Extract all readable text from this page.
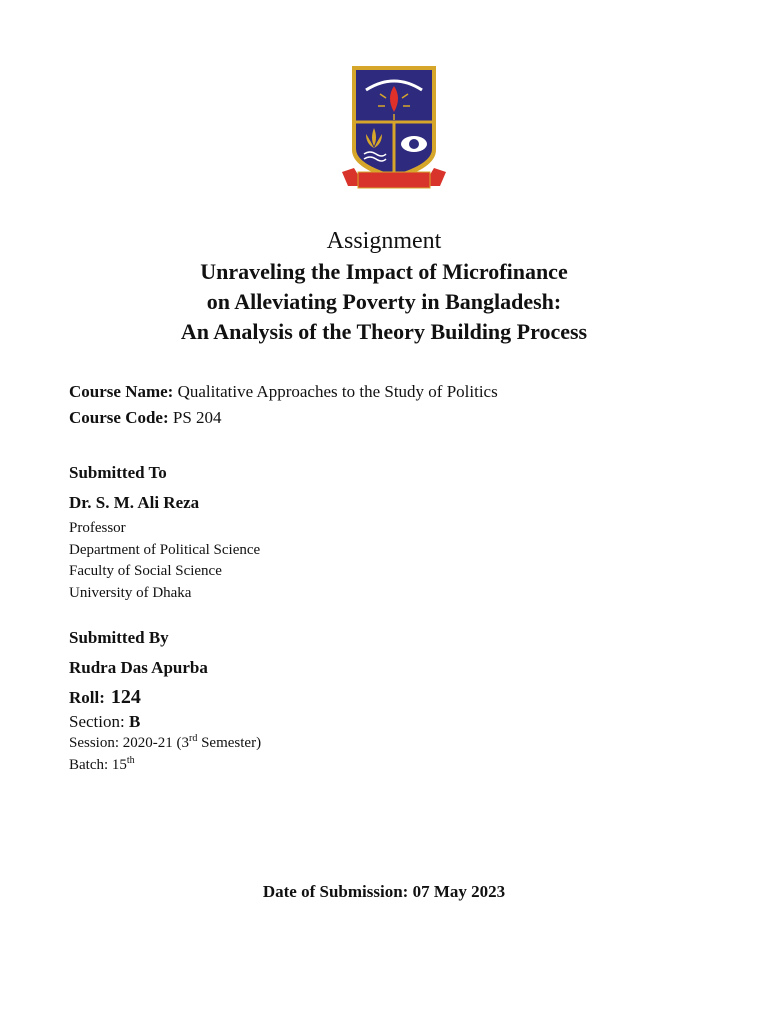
Assignment
Unraveling the Impact of Microfinance
on Alleviating Poverty in Bangladesh:
An Analysis of the Theory Building Process
Course Name: Qualitative Approaches to the Study of Politics
Course Code: PS 204
Submitted To
Dr. S. M. Ali Reza
Professor
Department of Political Science
Faculty of Social Science
University of Dhaka
Submitted By
Rudra Das Apurba
Roll: 124
Section: B
Session: 2020-21 (3rd Semester)
Batch: 15th
Date of Submission: 07 May 2023
